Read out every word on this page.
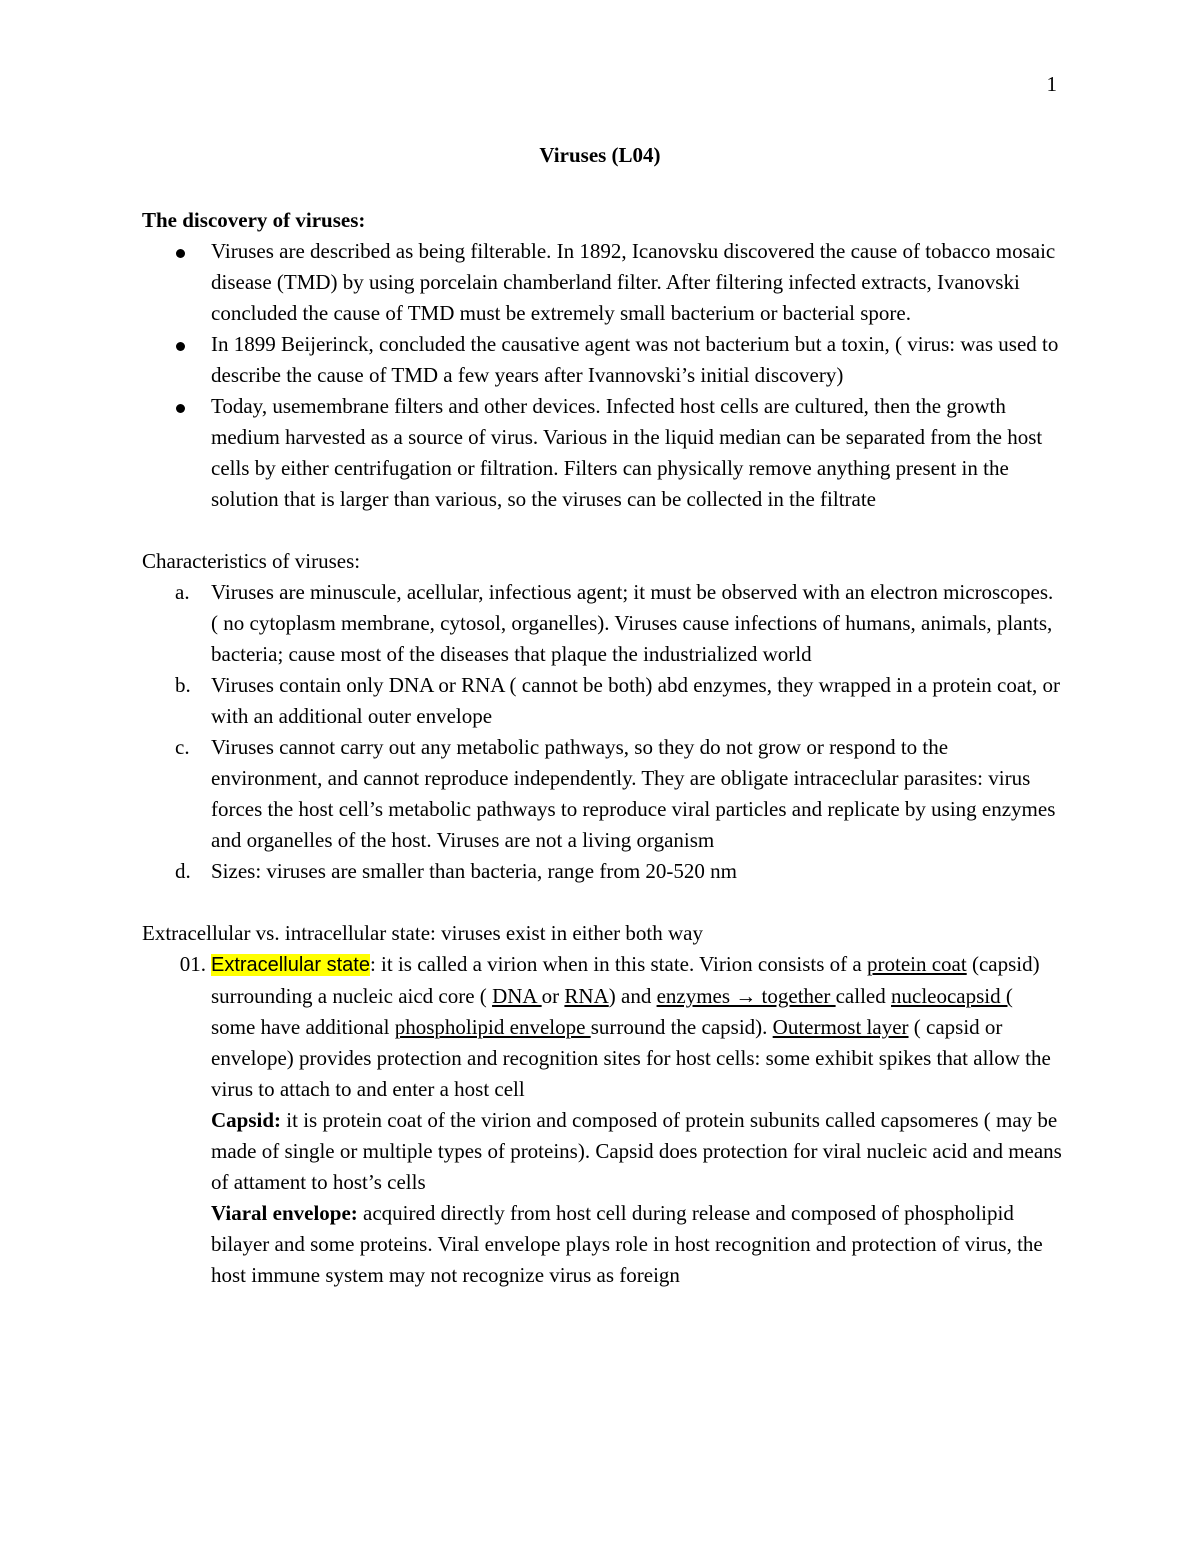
1
Viruses (L04)
The discovery of viruses:
Viruses are described as being filterable. In 1892, Icanovsku discovered the cause of tobacco mosaic disease (TMD) by using porcelain chamberland filter. After filtering infected extracts, Ivanovski concluded the cause of TMD must be extremely small bacterium or bacterial spore.
In 1899 Beijerinck, concluded the causative agent was not bacterium but a toxin, ( virus: was used to describe the cause of TMD a few years after Ivannovski’s initial discovery)
Today, usemembrane filters and other devices. Infected host cells are cultured, then the growth medium harvested as a source of virus. Various in the liquid median can be separated from the host cells by either centrifugation or filtration. Filters can physically remove anything present in the solution that is larger than various, so the viruses can be collected in the filtrate
Characteristics of viruses:
a. Viruses are minuscule, acellular, infectious agent; it must be observed with an electron microscopes. ( no cytoplasm membrane, cytosol, organelles). Viruses cause infections of humans, animals, plants, bacteria; cause most of the diseases that plaque the industrialized world
b. Viruses contain only DNA or RNA ( cannot be both) abd enzymes, they wrapped in a protein coat, or with an additional outer envelope
c. Viruses cannot carry out any metabolic pathways, so they do not grow or respond to the environment, and cannot reproduce independently. They are obligate intraceclular parasites: virus forces the host cell’s metabolic pathways to reproduce viral particles and replicate by using enzymes and organelles of the host. Viruses are not a living organism
d. Sizes: viruses are smaller than bacteria, range from 20-520 nm
Extracellular vs. intracellular state: viruses exist in either both way
01. Extracellular state: it is called a virion when in this state. Virion consists of a protein coat (capsid) surrounding a nucleic aicd core ( DNA or RNA) and enzymes → together called nucleocapsid ( some have additional phospholipid envelope surround the capsid). Outermost layer ( capsid or envelope) provides protection and recognition sites for host cells: some exhibit spikes that allow the virus to attach to and enter a host cell
Capsid: it is protein coat of the virion and composed of protein subunits called capsomeres ( may be made of single or multiple types of proteins). Capsid does protection for viral nucleic acid and means of attament to host’s cells
Viaral envelope: acquired directly from host cell during release and composed of phospholipid bilayer and some proteins. Viral envelope plays role in host recognition and protection of virus, the host immune system may not recognize virus as foreign
